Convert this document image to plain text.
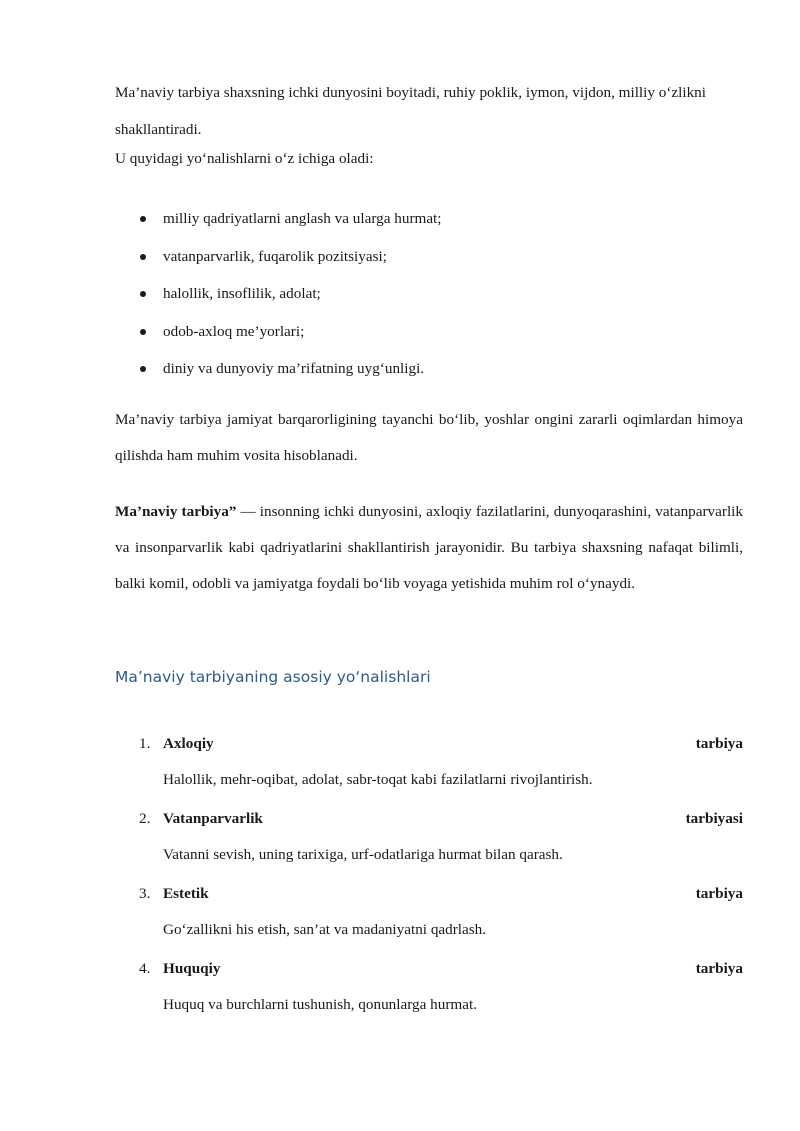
Ma’naviy tarbiya shaxsning ichki dunyosini boyitadi, ruhiy poklik, iymon, vijdon, milliy o‘zlikni
shakllantiradi.

U quyidagi yo‘nalishlarni o‘z ichiga oladi:

milliy qadriyatlarni anglash va ularga hurmat;
vatanparvarlik, fuqarolik pozitsiyasi;
halollik, insoflilik, adolat;
odob-axloq me’yorlari;
diniy va dunyoviy ma’rifatning uyg‘unligi.

Ma’naviy tarbiya jamiyat barqarorligining tayanchi bo‘lib, yoshlar ongini zararli oqimlardan himoya qilishda ham muhim vosita hisoblanadi.

Ma’naviy tarbiya” — insonning ichki dunyosini, axloqiy fazilatlarini, dunyoqarashini, vatanparvarlik va insonparvarlik kabi qadriyatlarini shakllantirish jarayonidir. Bu tarbiya shaxsning nafaqat bilimli, balki komil, odobli va jamiyatga foydali bo‘lib voyaga yetishida muhim rol o‘ynaydi.

Ma’naviy tarbiyaning asosiy yo‘nalishlari
1. Axloqiy	tarbiya
Halollik, mehr-oqibat, adolat, sabr-toqat kabi fazilatlarni rivojlantirish.
2. Vatanparvarlik	tarbiyasi
Vatanni sevish, uning tarixiga, urf-odatlariga hurmat bilan qarash.
3. Estetik	tarbiya
Go‘zallikni his etish, san’at va madaniyatni qadrlash.
4. Huquqiy	tarbiya
Huquq va burchlarni tushunish, qonunlarga hurmat.
